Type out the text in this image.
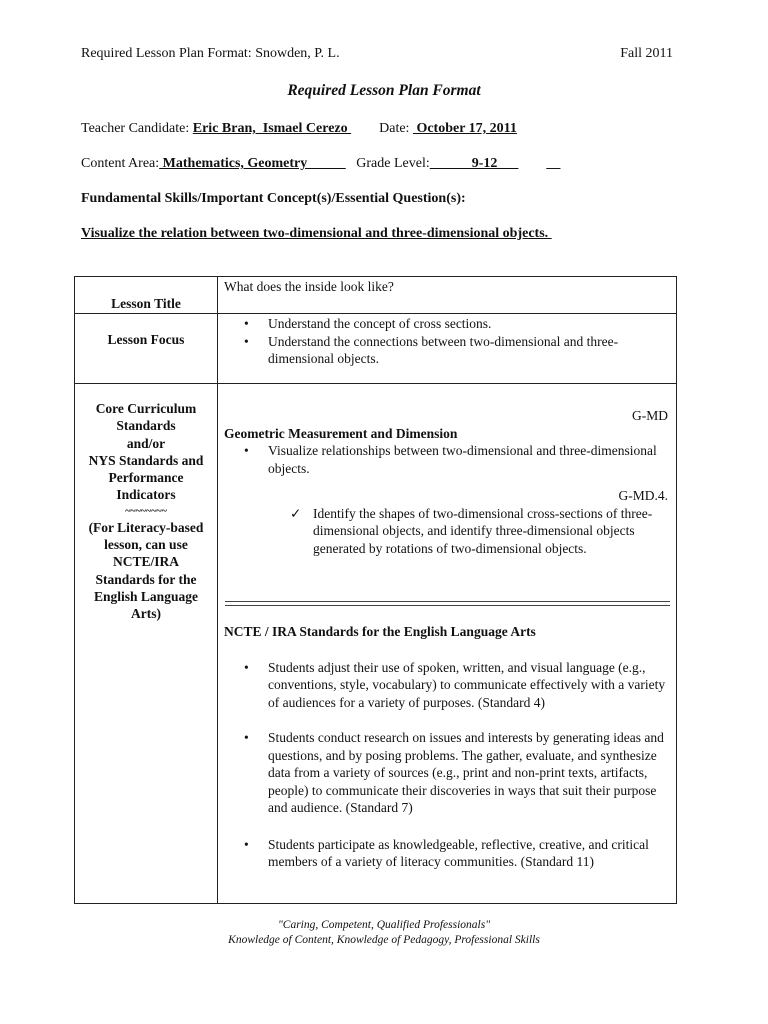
Required Lesson Plan Format: Snowden, P. L.	Fall 2011
Required Lesson Plan Format
Teacher Candidate: Eric Bran,  Ismael Cerezo         Date:  October 17, 2011
Content Area: Mathematics, Geometry              Grade Level:            9-12              __
Fundamental Skills/Important Concept(s)/Essential Question(s):
Visualize the relation between two-dimensional and three-dimensional objects.
Lesson Title
What does the inside look like?
Lesson Focus
• Understand the concept of cross sections.
• Understand the connections between two-dimensional and three-dimensional objects.
Core Curriculum
Standards
and/or
NYS Standards and
Performance
Indicators
~~~~~~~~
(For Literacy-based
lesson, can use
NCTE/IRA
Standards for the
English Language
Arts)
G-MD
Geometric Measurement and Dimension
• Visualize relationships between two-dimensional and three-dimensional objects.
G-MD.4.
✓ Identify the shapes of two-dimensional cross-sections of three-dimensional objects, and identify three-dimensional objects generated by rotations of two-dimensional objects.
NCTE / IRA Standards for the English Language Arts
• Students adjust their use of spoken, written, and visual language (e.g., conventions, style, vocabulary) to communicate effectively with a variety of audiences for a variety of purposes. (Standard 4)
• Students conduct research on issues and interests by generating ideas and questions, and by posing problems. The gather, evaluate, and synthesize data from a variety of sources (e.g., print and non-print texts, artifacts, people) to communicate their discoveries in ways that suit their purpose and audience. (Standard 7)
• Students participate as knowledgeable, reflective, creative, and critical members of a variety of literacy communities. (Standard 11)
"Caring, Competent, Qualified Professionals"
Knowledge of Content, Knowledge of Pedagogy, Professional Skills
